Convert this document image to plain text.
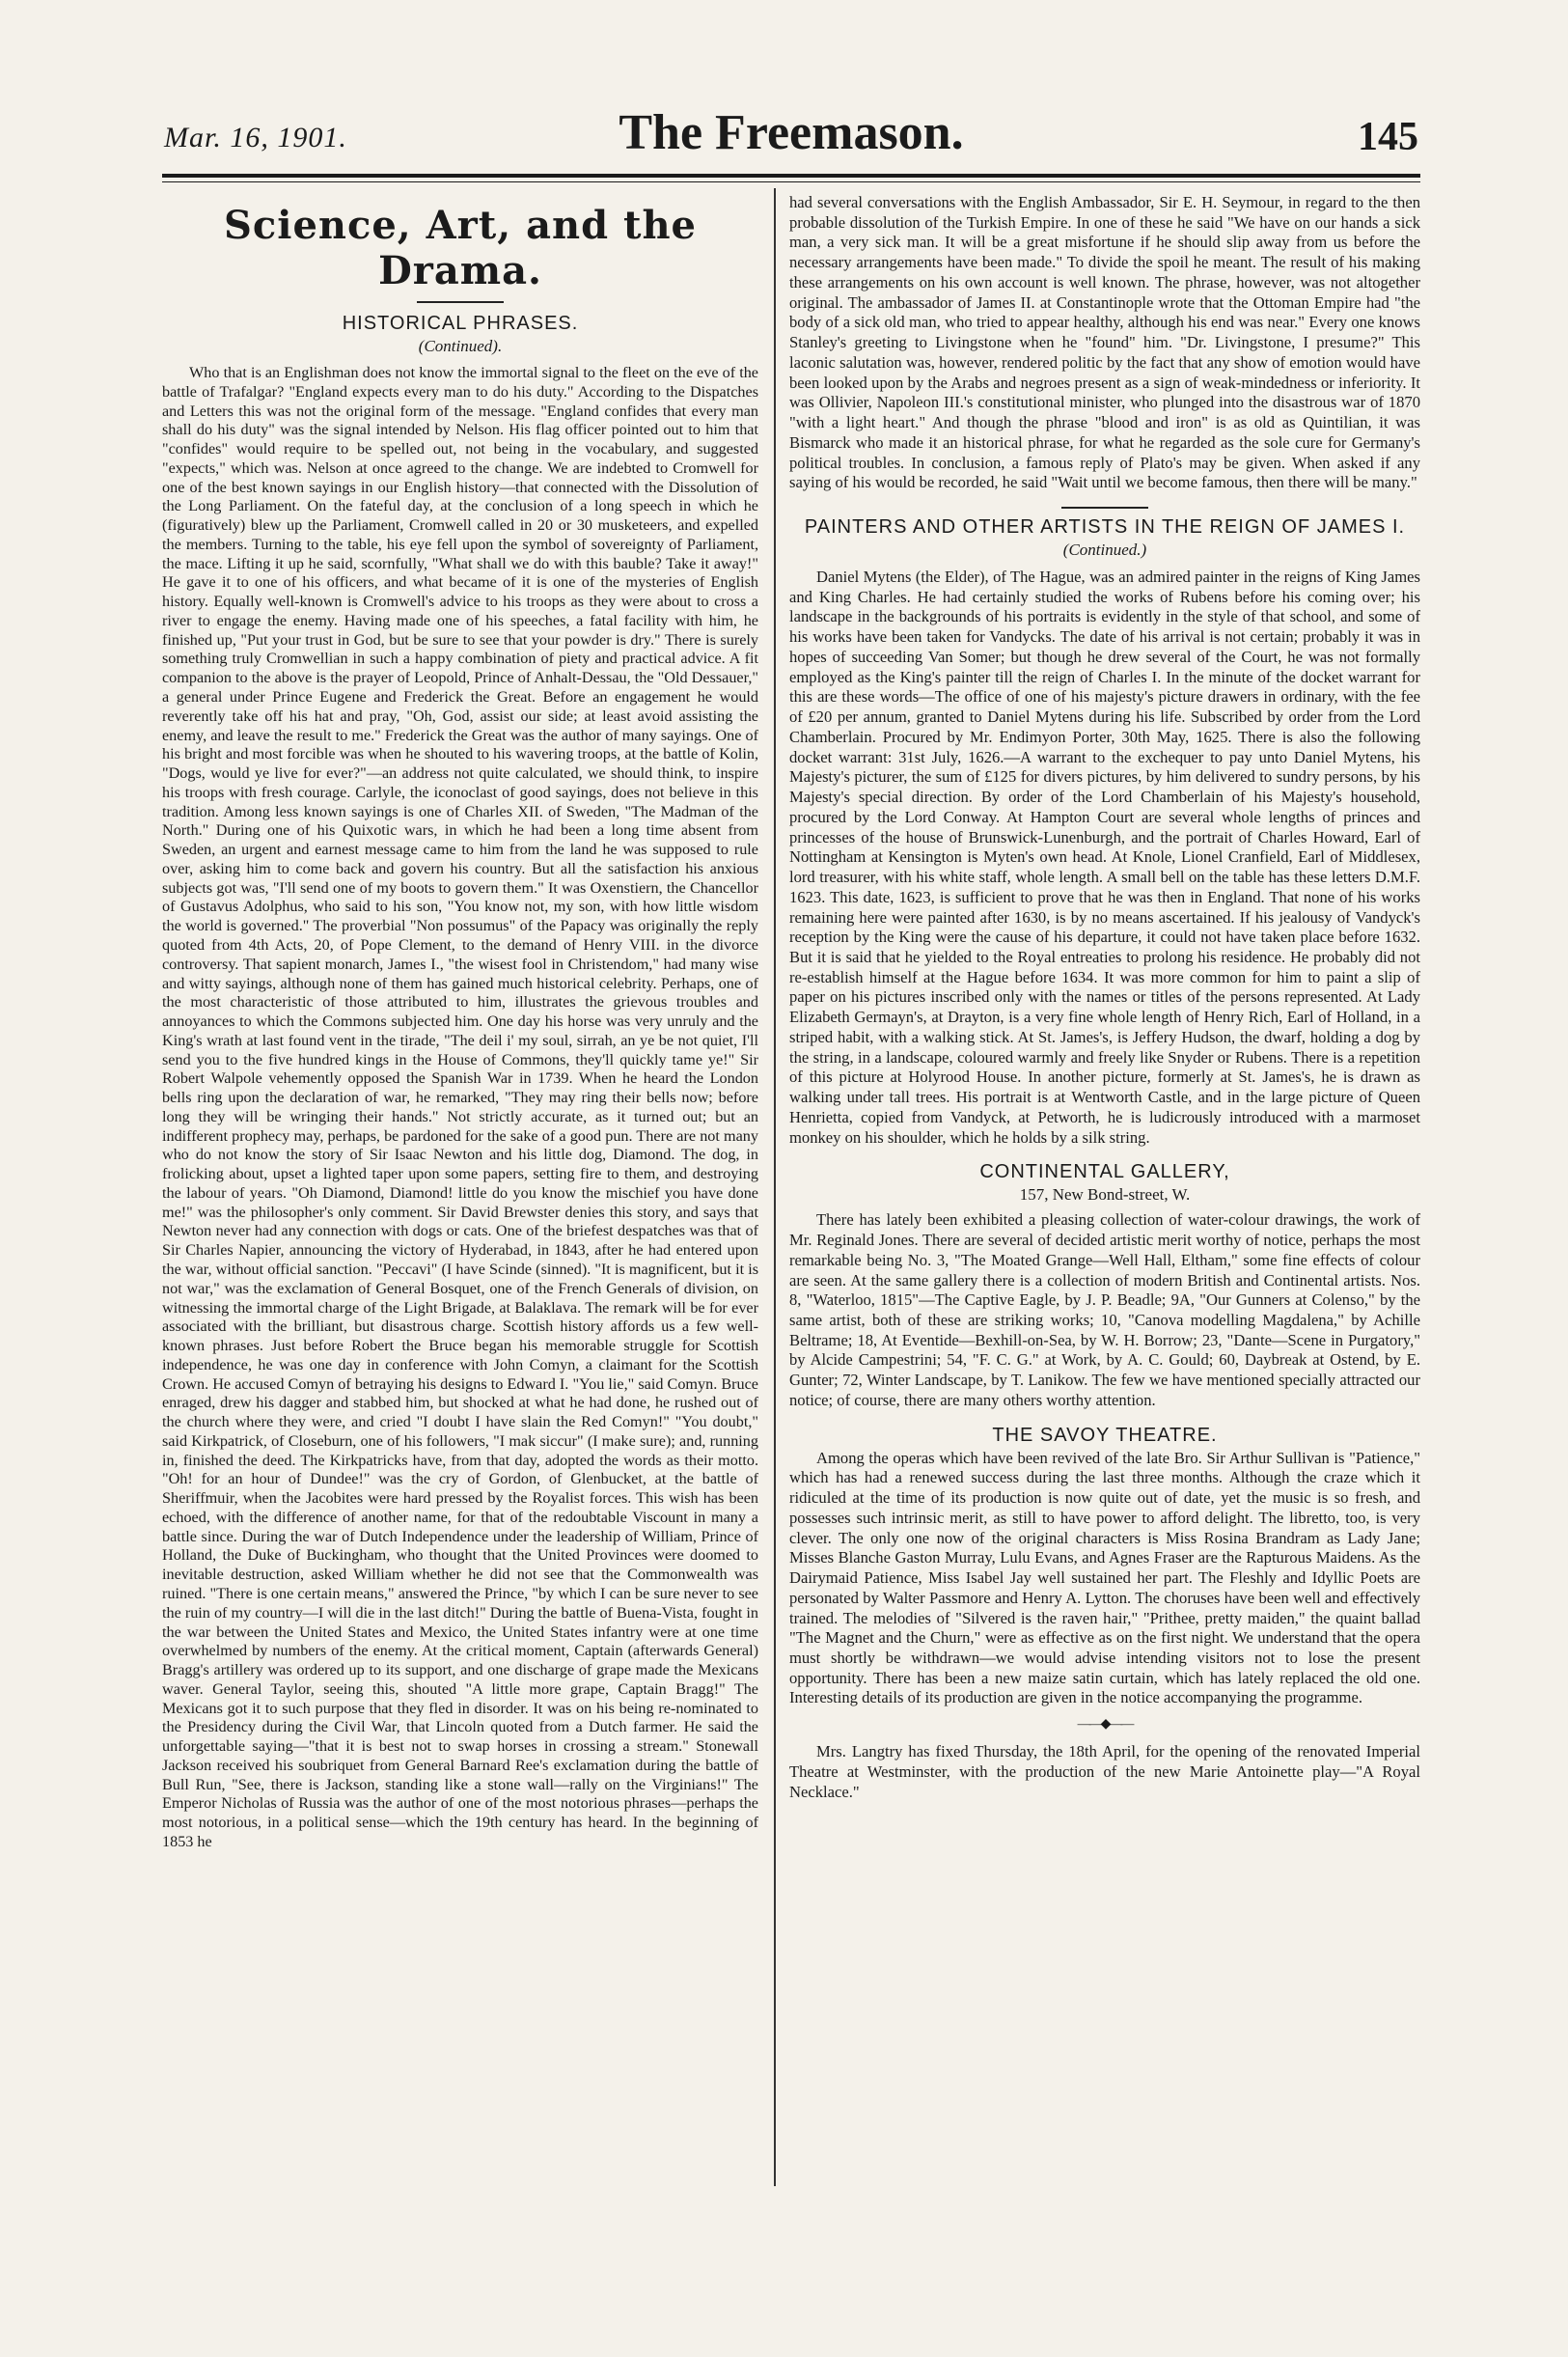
Mar. 16, 1901.	The Freemason.	145
Science, Art, and the Drama.
HISTORICAL PHRASES.
(Continued).

Who that is an Englishman does not know the immortal signal to the fleet on the eve of the battle of Trafalgar? "England expects every man to do his duty." According to the Dispatches and Letters this was not the original form of the message. "England confides that every man shall do his duty" was the signal intended by Nelson. His flag officer pointed out to him that "confides" would require to be spelled out, not being in the vocabulary, and suggested "expects," which was. Nelson at once agreed to the change. We are indebted to Cromwell for one of the best known sayings in our English history—that connected with the Dissolution of the Long Parliament. On the fateful day, at the conclusion of a long speech in which he (figuratively) blew up the Parliament, Cromwell called in 20 or 30 musketeers, and expelled the members. Turning to the table, his eye fell upon the symbol of sovereignty of Parliament, the mace. Lifting it up he said, scornfully, "What shall we do with this bauble? Take it away!" He gave it to one of his officers, and what became of it is one of the mysteries of English history. Equally well-known is Cromwell's advice to his troops as they were about to cross a river to engage the enemy. Having made one of his speeches, a fatal facility with him, he finished up, "Put your trust in God, but be sure to see that your powder is dry." There is surely something truly Cromwellian in such a happy combination of piety and practical advice. A fit companion to the above is the prayer of Leopold, Prince of Anhalt-Dessau, the "Old Dessauer," a general under Prince Eugene and Frederick the Great. Before an engagement he would reverently take off his hat and pray, "Oh, God, assist our side; at least avoid assisting the enemy, and leave the result to me." Frederick the Great was the author of many sayings. One of his bright and most forcible was when he shouted to his wavering troops, at the battle of Kolin, "Dogs, would ye live for ever?"—an address not quite calculated, we should think, to inspire his troops with fresh courage. Carlyle, the iconoclast of good sayings, does not believe in this tradition. Among less known sayings is one of Charles XII. of Sweden, "The Madman of the North." During one of his Quixotic wars, in which he had been a long time absent from Sweden, an urgent and earnest message came to him from the land he was supposed to rule over, asking him to come back and govern his country. But all the satisfaction his anxious subjects got was, "I'll send one of my boots to govern them." It was Oxenstiern, the Chancellor of Gustavus Adolphus, who said to his son, "You know not, my son, with how little wisdom the world is governed." The proverbial "Non possumus" of the Papacy was originally the reply quoted from 4th Acts, 20, of Pope Clement, to the demand of Henry VIII. in the divorce controversy. That sapient monarch, James I., "the wisest fool in Christendom," had many wise and witty sayings, although none of them has gained much historical celebrity. Perhaps, one of the most characteristic of those attributed to him, illustrates the grievous troubles and annoyances to which the Commons subjected him. One day his horse was very unruly and the King's wrath at last found vent in the tirade, "The deil i' my soul, sirrah, an ye be not quiet, I'll send you to the five hundred kings in the House of Commons, they'll quickly tame ye!" Sir Robert Walpole vehemently opposed the Spanish War in 1739. When he heard the London bells ring upon the declaration of war, he remarked, "They may ring their bells now; before long they will be wringing their hands." Not strictly accurate, as it turned out; but an indifferent prophecy may, perhaps, be pardoned for the sake of a good pun. There are not many who do not know the story of Sir Isaac Newton and his little dog, Diamond. The dog, in frolicking about, upset a lighted taper upon some papers, setting fire to them, and destroying the labour of years. "Oh Diamond, Diamond! little do you know the mischief you have done me!" was the philosopher's only comment. Sir David Brewster denies this story, and says that Newton never had any connection with dogs or cats. One of the briefest despatches was that of Sir Charles Napier, announcing the victory of Hyderabad, in 1843, after he had entered upon the war, without official sanction. "Peccavi" (I have Scinde (sinned). "It is magnificent, but it is not war," was the exclamation of General Bosquet, one of the French Generals of division, on witnessing the immortal charge of the Light Brigade, at Balaklava. The remark will be for ever associated with the brilliant, but disastrous charge. Scottish history affords us a few well-known phrases. Just before Robert the Bruce began his memorable struggle for Scottish independence, he was one day in conference with John Comyn, a claimant for the Scottish Crown. He accused Comyn of betraying his designs to Edward I. "You lie," said Comyn. Bruce enraged, drew his dagger and stabbed him, but shocked at what he had done, he rushed out of the church where they were, and cried "I doubt I have slain the Red Comyn!" "You doubt," said Kirkpatrick, of Closeburn, one of his followers, "I mak siccur" (I make sure); and, running in, finished the deed. The Kirkpatricks have, from that day, adopted the words as their motto. "Oh! for an hour of Dundee!" was the cry of Gordon, of Glenbucket, at the battle of Sheriffmuir, when the Jacobites were hard pressed by the Royalist forces. This wish has been echoed, with the difference of another name, for that of the redoubtable Viscount in many a battle since. During the war of Dutch Independence under the leadership of William, Prince of Holland, the Duke of Buckingham, who thought that the United Provinces were doomed to inevitable destruction, asked William whether he did not see that the Commonwealth was ruined. "There is one certain means," answered the Prince, "by which I can be sure never to see the ruin of my country—I will die in the last ditch!" During the battle of Buena-Vista, fought in the war between the United States and Mexico, the United States infantry were at one time overwhelmed by numbers of the enemy. At the critical moment, Captain (afterwards General) Bragg's artillery was ordered up to its support, and one discharge of grape made the Mexicans waver. General Taylor, seeing this, shouted "A little more grape, Captain Bragg!" The Mexicans got it to such purpose that they fled in disorder. It was on his being re-nominated to the Presidency during the Civil War, that Lincoln quoted from a Dutch farmer. He said the unforgettable saying—"that it is best not to swap horses in crossing a stream." Stonewall Jackson received his soubriquet from General Barnard Ree's exclamation during the battle of Bull Run, "See, there is Jackson, standing like a stone wall—rally on the Virginians!" The Emperor Nicholas of Russia was the author of one of the most notorious phrases—perhaps the most notorious, in a political sense—which the 19th century has heard. In the beginning of 1853 he

had several conversations with the English Ambassador, Sir E. H. Seymour, in regard to the then probable dissolution of the Turkish Empire. In one of these he said "We have on our hands a sick man, a very sick man. It will be a great misfortune if he should slip away from us before the necessary arrangements have been made." To divide the spoil he meant. The result of his making these arrangements on his own account is well known. The phrase, however, was not altogether original. The ambassador of James II. at Constantinople wrote that the Ottoman Empire had "the body of a sick old man, who tried to appear healthy, although his end was near." Every one knows Stanley's greeting to Livingstone when he "found" him. "Dr. Livingstone, I presume?" This laconic salutation was, however, rendered politic by the fact that any show of emotion would have been looked upon by the Arabs and negroes present as a sign of weak-mindedness or inferiority. It was Ollivier, Napoleon III.'s constitutional minister, who plunged into the disastrous war of 1870 "with a light heart." And though the phrase "blood and iron" is as old as Quintilian, it was Bismarck who made it an historical phrase, for what he regarded as the sole cure for Germany's political troubles. In conclusion, a famous reply of Plato's may be given. When asked if any saying of his would be recorded, he said "Wait until we become famous, then there will be many."

PAINTERS AND OTHER ARTISTS IN THE REIGN OF JAMES I.
(Continued.)

Daniel Mytens (the Elder), of The Hague, was an admired painter in the reigns of King James and King Charles. He had certainly studied the works of Rubens before his coming over; his landscape in the backgrounds of his portraits is evidently in the style of that school, and some of his works have been taken for Vandycks. The date of his arrival is not certain; probably it was in hopes of succeeding Van Somer; but though he drew several of the Court, he was not formally employed as the King's painter till the reign of Charles I. In the minute of the docket warrant for this are these words—The office of one of his majesty's picture drawers in ordinary, with the fee of £20 per annum, granted to Daniel Mytens during his life. Subscribed by order from the Lord Chamberlain. Procured by Mr. Endimyon Porter, 30th May, 1625. There is also the following docket warrant: 31st July, 1626.—A warrant to the exchequer to pay unto Daniel Mytens, his Majesty's picturer, the sum of £125 for divers pictures, by him delivered to sundry persons, by his Majesty's special direction. By order of the Lord Chamberlain of his Majesty's household, procured by the Lord Conway. At Hampton Court are several whole lengths of princes and princesses of the house of Brunswick-Lunenburgh, and the portrait of Charles Howard, Earl of Nottingham at Kensington is Myten's own head. At Knole, Lionel Cranfield, Earl of Middlesex, lord treasurer, with his white staff, whole length. A small bell on the table has these letters D.M.F. 1623. This date, 1623, is sufficient to prove that he was then in England. That none of his works remaining here were painted after 1630, is by no means ascertained. If his jealousy of Vandyck's reception by the King were the cause of his departure, it could not have taken place before 1632. But it is said that he yielded to the Royal entreaties to prolong his residence. He probably did not re-establish himself at the Hague before 1634. It was more common for him to paint a slip of paper on his pictures inscribed only with the names or titles of the persons represented. At Lady Elizabeth Germayn's, at Drayton, is a very fine whole length of Henry Rich, Earl of Holland, in a striped habit, with a walking stick. At St. James's, is Jeffery Hudson, the dwarf, holding a dog by the string, in a landscape, coloured warmly and freely like Snyder or Rubens. There is a repetition of this picture at Holyrood House. In another picture, formerly at St. James's, he is drawn as walking under tall trees. His portrait is at Wentworth Castle, and in the large picture of Queen Henrietta, copied from Vandyck, at Petworth, he is ludicrously introduced with a marmoset monkey on his shoulder, which he holds by a silk string.

CONTINENTAL GALLERY,
157, New Bond-street, W.

There has lately been exhibited a pleasing collection of water-colour drawings, the work of Mr. Reginald Jones. There are several of decided artistic merit worthy of notice, perhaps the most remarkable being No. 3, "The Moated Grange—Well Hall, Eltham," some fine effects of colour are seen. At the same gallery there is a collection of modern British and Continental artists. Nos. 8, "Waterloo, 1815"—The Captive Eagle, by J. P. Beadle; 9A, "Our Gunners at Colenso," by the same artist, both of these are striking works; 10, "Canova modelling Magdalena," by Achille Beltrame; 18, At Eventide—Bexhill-on-Sea, by W. H. Borrow; 23, "Dante—Scene in Purgatory," by Alcide Campestrini; 54, "F. C. G." at Work, by A. C. Gould; 60, Daybreak at Ostend, by E. Gunter; 72, Winter Landscape, by T. Lanikow. The few we have mentioned specially attracted our notice; of course, there are many others worthy attention.

THE SAVOY THEATRE.

Among the operas which have been revived of the late Bro. Sir Arthur Sullivan is "Patience," which has had a renewed success during the last three months. Although the craze which it ridiculed at the time of its production is now quite out of date, yet the music is so fresh, and possesses such intrinsic merit, as still to have power to afford delight. The libretto, too, is very clever. The only one now of the original characters is Miss Rosina Brandram as Lady Jane; Misses Blanche Gaston Murray, Lulu Evans, and Agnes Fraser are the Rapturous Maidens. As the Dairymaid Patience, Miss Isabel Jay well sustained her part. The Fleshly and Idyllic Poets are personated by Walter Passmore and Henry A. Lytton. The choruses have been well and effectively trained. The melodies of "Silvered is the raven hair," "Prithee, pretty maiden," the quaint ballad "The Magnet and the Churn," were as effective as on the first night. We understand that the opera must shortly be withdrawn—we would advise intending visitors not to lose the present opportunity. There has been a new maize satin curtain, which has lately replaced the old one. Interesting details of its production are given in the notice accompanying the programme.

——◆——

Mrs. Langtry has fixed Thursday, the 18th April, for the opening of the renovated Imperial Theatre at Westminster, with the production of the new Marie Antoinette play—"A Royal Necklace."
